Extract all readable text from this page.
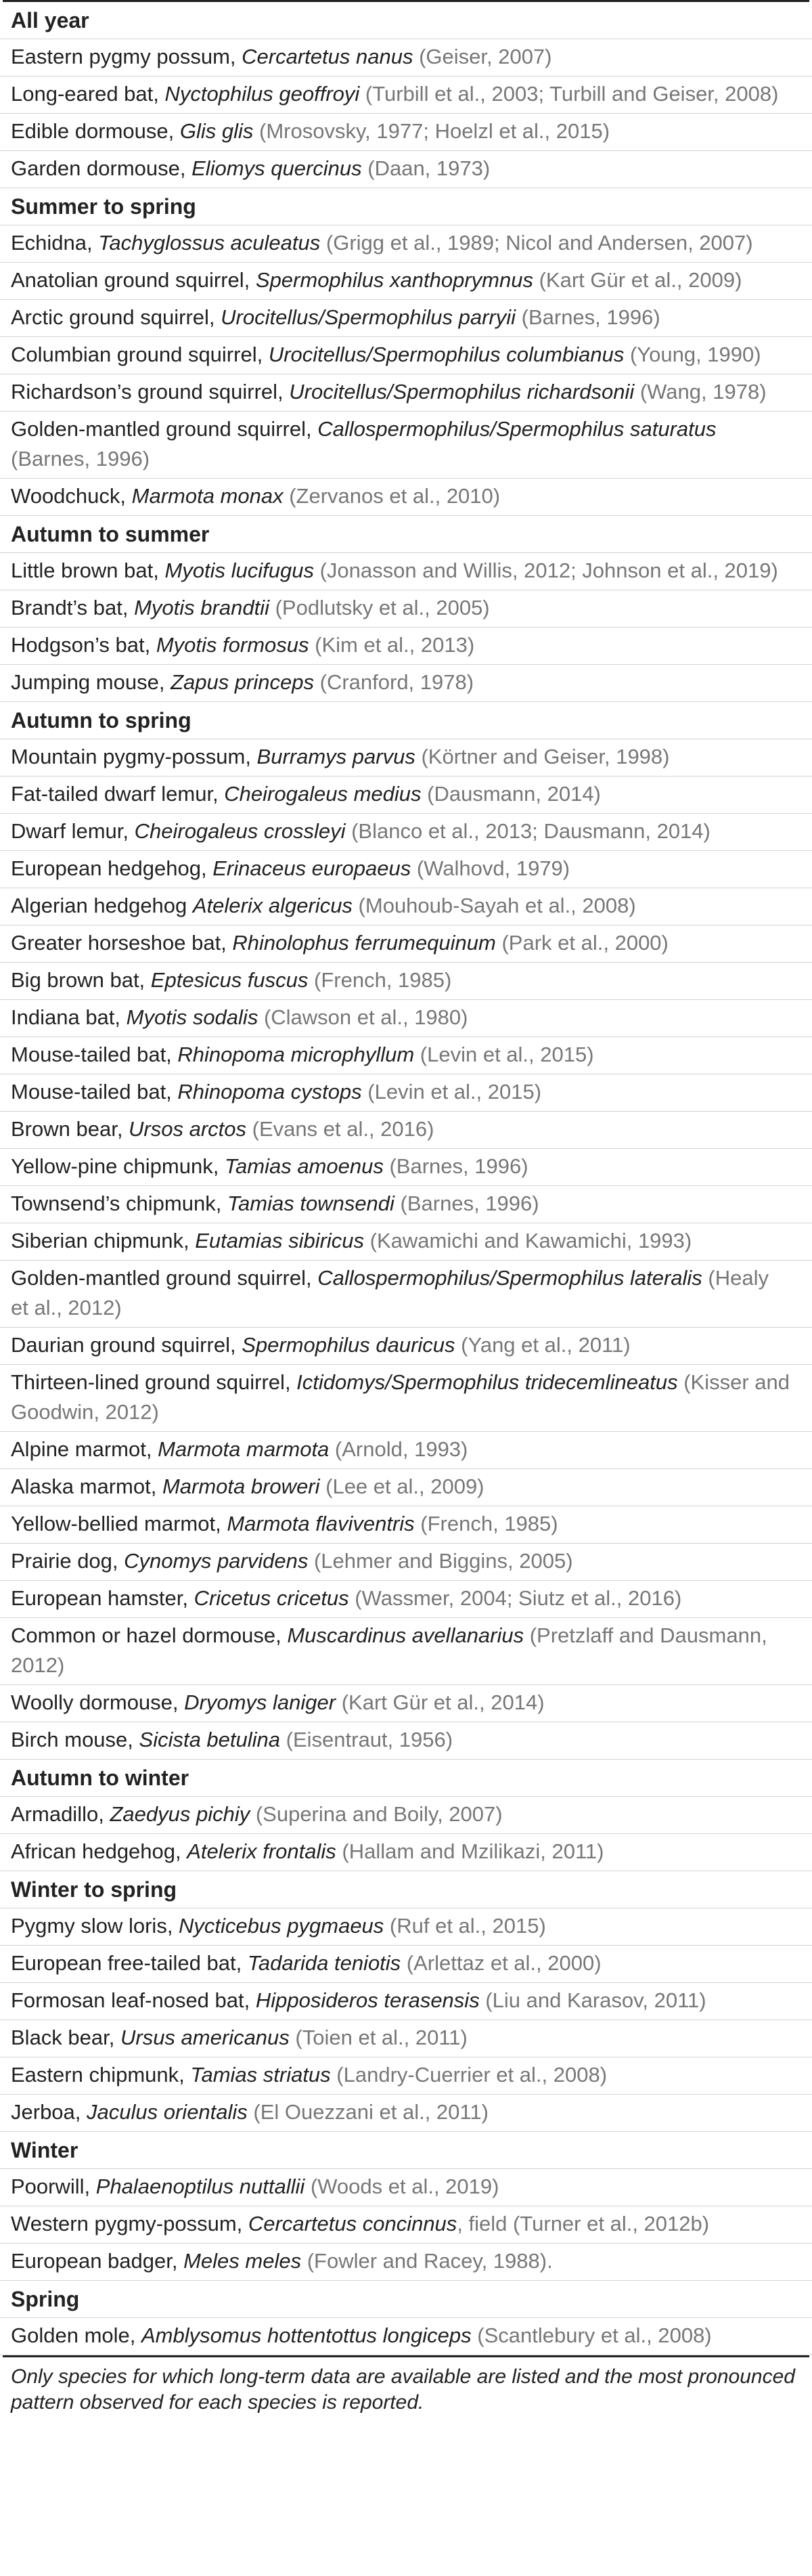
All year
Eastern pygmy possum, Cercartetus nanus (Geiser, 2007)
Long-eared bat, Nyctophilus geoffroyi (Turbill et al., 2003; Turbill and Geiser, 2008)
Edible dormouse, Glis glis (Mrosovsky, 1977; Hoelzl et al., 2015)
Garden dormouse, Eliomys quercinus (Daan, 1973)
Summer to spring
Echidna, Tachyglossus aculeatus (Grigg et al., 1989; Nicol and Andersen, 2007)
Anatolian ground squirrel, Spermophilus xanthoprymnus (Kart Gür et al., 2009)
Arctic ground squirrel, Urocitellus/Spermophilus parryii (Barnes, 1996)
Columbian ground squirrel, Urocitellus/Spermophilus columbianus (Young, 1990)
Richardson’s ground squirrel, Urocitellus/Spermophilus richardsonii (Wang, 1978)
Golden-mantled ground squirrel, Callospermophilus/Spermophilus saturatus (Barnes, 1996)
Woodchuck, Marmota monax (Zervanos et al., 2010)
Autumn to summer
Little brown bat, Myotis lucifugus (Jonasson and Willis, 2012; Johnson et al., 2019)
Brandt’s bat, Myotis brandtii (Podlutsky et al., 2005)
Hodgson’s bat, Myotis formosus (Kim et al., 2013)
Jumping mouse, Zapus princeps (Cranford, 1978)
Autumn to spring
Mountain pygmy-possum, Burramys parvus (Körtner and Geiser, 1998)
Fat-tailed dwarf lemur, Cheirogaleus medius (Dausmann, 2014)
Dwarf lemur, Cheirogaleus crossleyi (Blanco et al., 2013; Dausmann, 2014)
European hedgehog, Erinaceus europaeus (Walhovd, 1979)
Algerian hedgehog Atelerix algericus (Mouhoub-Sayah et al., 2008)
Greater horseshoe bat, Rhinolophus ferrumequinum (Park et al., 2000)
Big brown bat, Eptesicus fuscus (French, 1985)
Indiana bat, Myotis sodalis (Clawson et al., 1980)
Mouse-tailed bat, Rhinopoma microphyllum (Levin et al., 2015)
Mouse-tailed bat, Rhinopoma cystops (Levin et al., 2015)
Brown bear, Ursos arctos (Evans et al., 2016)
Yellow-pine chipmunk, Tamias amoenus (Barnes, 1996)
Townsend’s chipmunk, Tamias townsendi (Barnes, 1996)
Siberian chipmunk, Eutamias sibiricus (Kawamichi and Kawamichi, 1993)
Golden-mantled ground squirrel, Callospermophilus/Spermophilus lateralis (Healy et al., 2012)
Daurian ground squirrel, Spermophilus dauricus (Yang et al., 2011)
Thirteen-lined ground squirrel, Ictidomys/Spermophilus tridecemlineatus (Kisser and Goodwin, 2012)
Alpine marmot, Marmota marmota (Arnold, 1993)
Alaska marmot, Marmota broweri (Lee et al., 2009)
Yellow-bellied marmot, Marmota flaviventris (French, 1985)
Prairie dog, Cynomys parvidens (Lehmer and Biggins, 2005)
European hamster, Cricetus cricetus (Wassmer, 2004; Siutz et al., 2016)
Common or hazel dormouse, Muscardinus avellanarius (Pretzlaff and Dausmann, 2012)
Woolly dormouse, Dryomys laniger (Kart Gür et al., 2014)
Birch mouse, Sicista betulina (Eisentraut, 1956)
Autumn to winter
Armadillo, Zaedyus pichiy (Superina and Boily, 2007)
African hedgehog, Atelerix frontalis (Hallam and Mzilikazi, 2011)
Winter to spring
Pygmy slow loris, Nycticebus pygmaeus (Ruf et al., 2015)
European free-tailed bat, Tadarida teniotis (Arlettaz et al., 2000)
Formosan leaf-nosed bat, Hipposideros terasensis (Liu and Karasov, 2011)
Black bear, Ursus americanus (Toien et al., 2011)
Eastern chipmunk, Tamias striatus (Landry-Cuerrier et al., 2008)
Jerboa, Jaculus orientalis (El Ouezzani et al., 2011)
Winter
Poorwill, Phalaenoptilus nuttallii (Woods et al., 2019)
Western pygmy-possum, Cercartetus concinnus, field (Turner et al., 2012b)
European badger, Meles meles (Fowler and Racey, 1988).
Spring
Golden mole, Amblysomus hottentottus longiceps (Scantlebury et al., 2008)
Only species for which long-term data are available are listed and the most pronounced pattern observed for each species is reported.
